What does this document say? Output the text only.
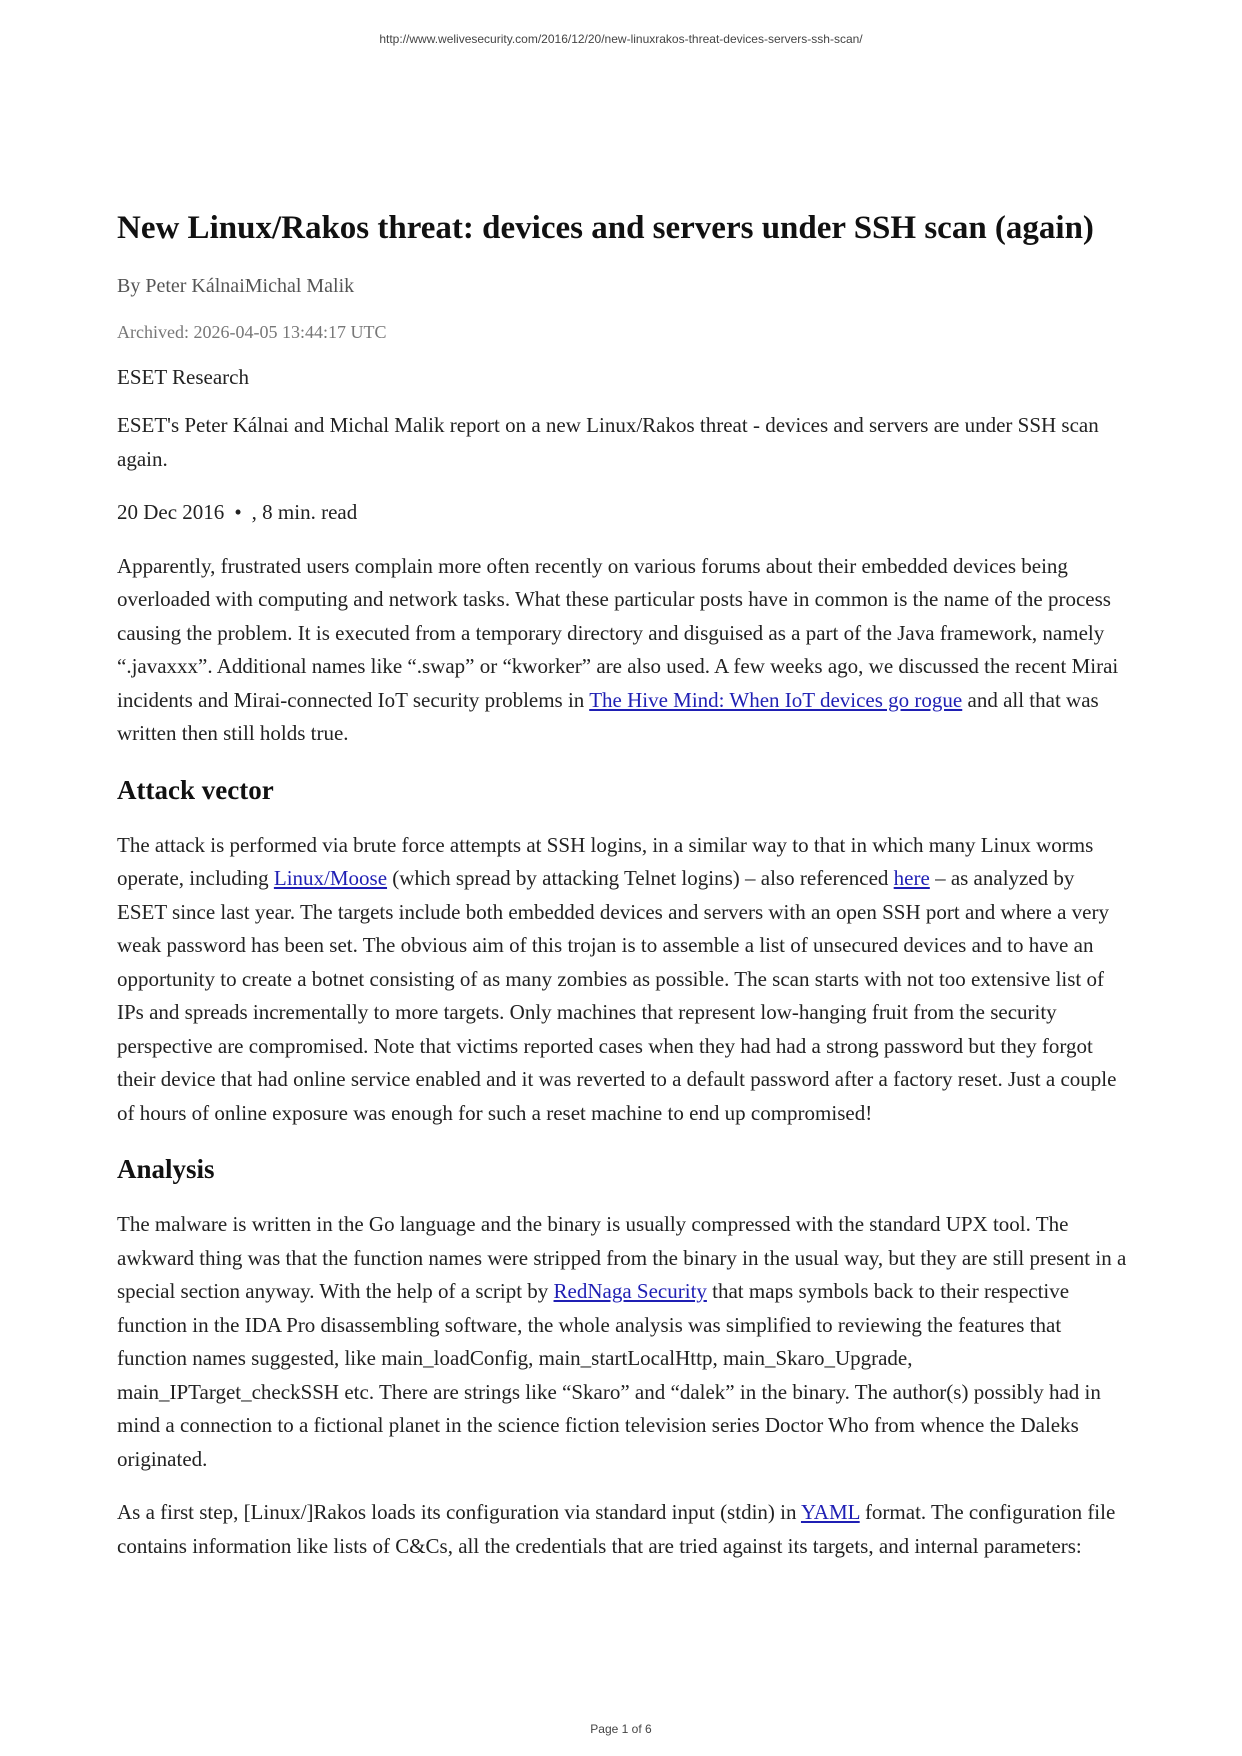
http://www.welivesecurity.com/2016/12/20/new-linuxrakos-threat-devices-servers-ssh-scan/
New Linux/Rakos threat: devices and servers under SSH scan (again)
By Peter KálnaiMichal Malik
Archived: 2026-04-05 13:44:17 UTC
ESET Research

ESET's Peter Kálnai and Michal Malik report on a new Linux/Rakos threat - devices and servers are under SSH scan again.

20 Dec 2016 • , 8 min. read

Apparently, frustrated users complain more often recently on various forums about their embedded devices being overloaded with computing and network tasks. What these particular posts have in common is the name of the process causing the problem. It is executed from a temporary directory and disguised as a part of the Java framework, namely “.javaxxx”. Additional names like “.swap” or “kworker” are also used. A few weeks ago, we discussed the recent Mirai incidents and Mirai-connected IoT security problems in The Hive Mind: When IoT devices go rogue and all that was written then still holds true.

Attack vector

The attack is performed via brute force attempts at SSH logins, in a similar way to that in which many Linux worms operate, including Linux/Moose (which spread by attacking Telnet logins) – also referenced here – as analyzed by ESET since last year. The targets include both embedded devices and servers with an open SSH port and where a very weak password has been set. The obvious aim of this trojan is to assemble a list of unsecured devices and to have an opportunity to create a botnet consisting of as many zombies as possible. The scan starts with not too extensive list of IPs and spreads incrementally to more targets. Only machines that represent low-hanging fruit from the security perspective are compromised. Note that victims reported cases when they had had a strong password but they forgot their device that had online service enabled and it was reverted to a default password after a factory reset. Just a couple of hours of online exposure was enough for such a reset machine to end up compromised!

Analysis

The malware is written in the Go language and the binary is usually compressed with the standard UPX tool. The awkward thing was that the function names were stripped from the binary in the usual way, but they are still present in a special section anyway. With the help of a script by RedNaga Security that maps symbols back to their respective function in the IDA Pro disassembling software, the whole analysis was simplified to reviewing the features that function names suggested, like main_loadConfig, main_startLocalHttp, main_Skaro_Upgrade, main_IPTarget_checkSSH etc. There are strings like “Skaro” and “dalek” in the binary. The author(s) possibly had in mind a connection to a fictional planet in the science fiction television series Doctor Who from whence the Daleks originated.

As a first step, [Linux/]Rakos loads its configuration via standard input (stdin) in YAML format. The configuration file contains information like lists of C&Cs, all the credentials that are tried against its targets, and internal parameters:

Page 1 of 6
